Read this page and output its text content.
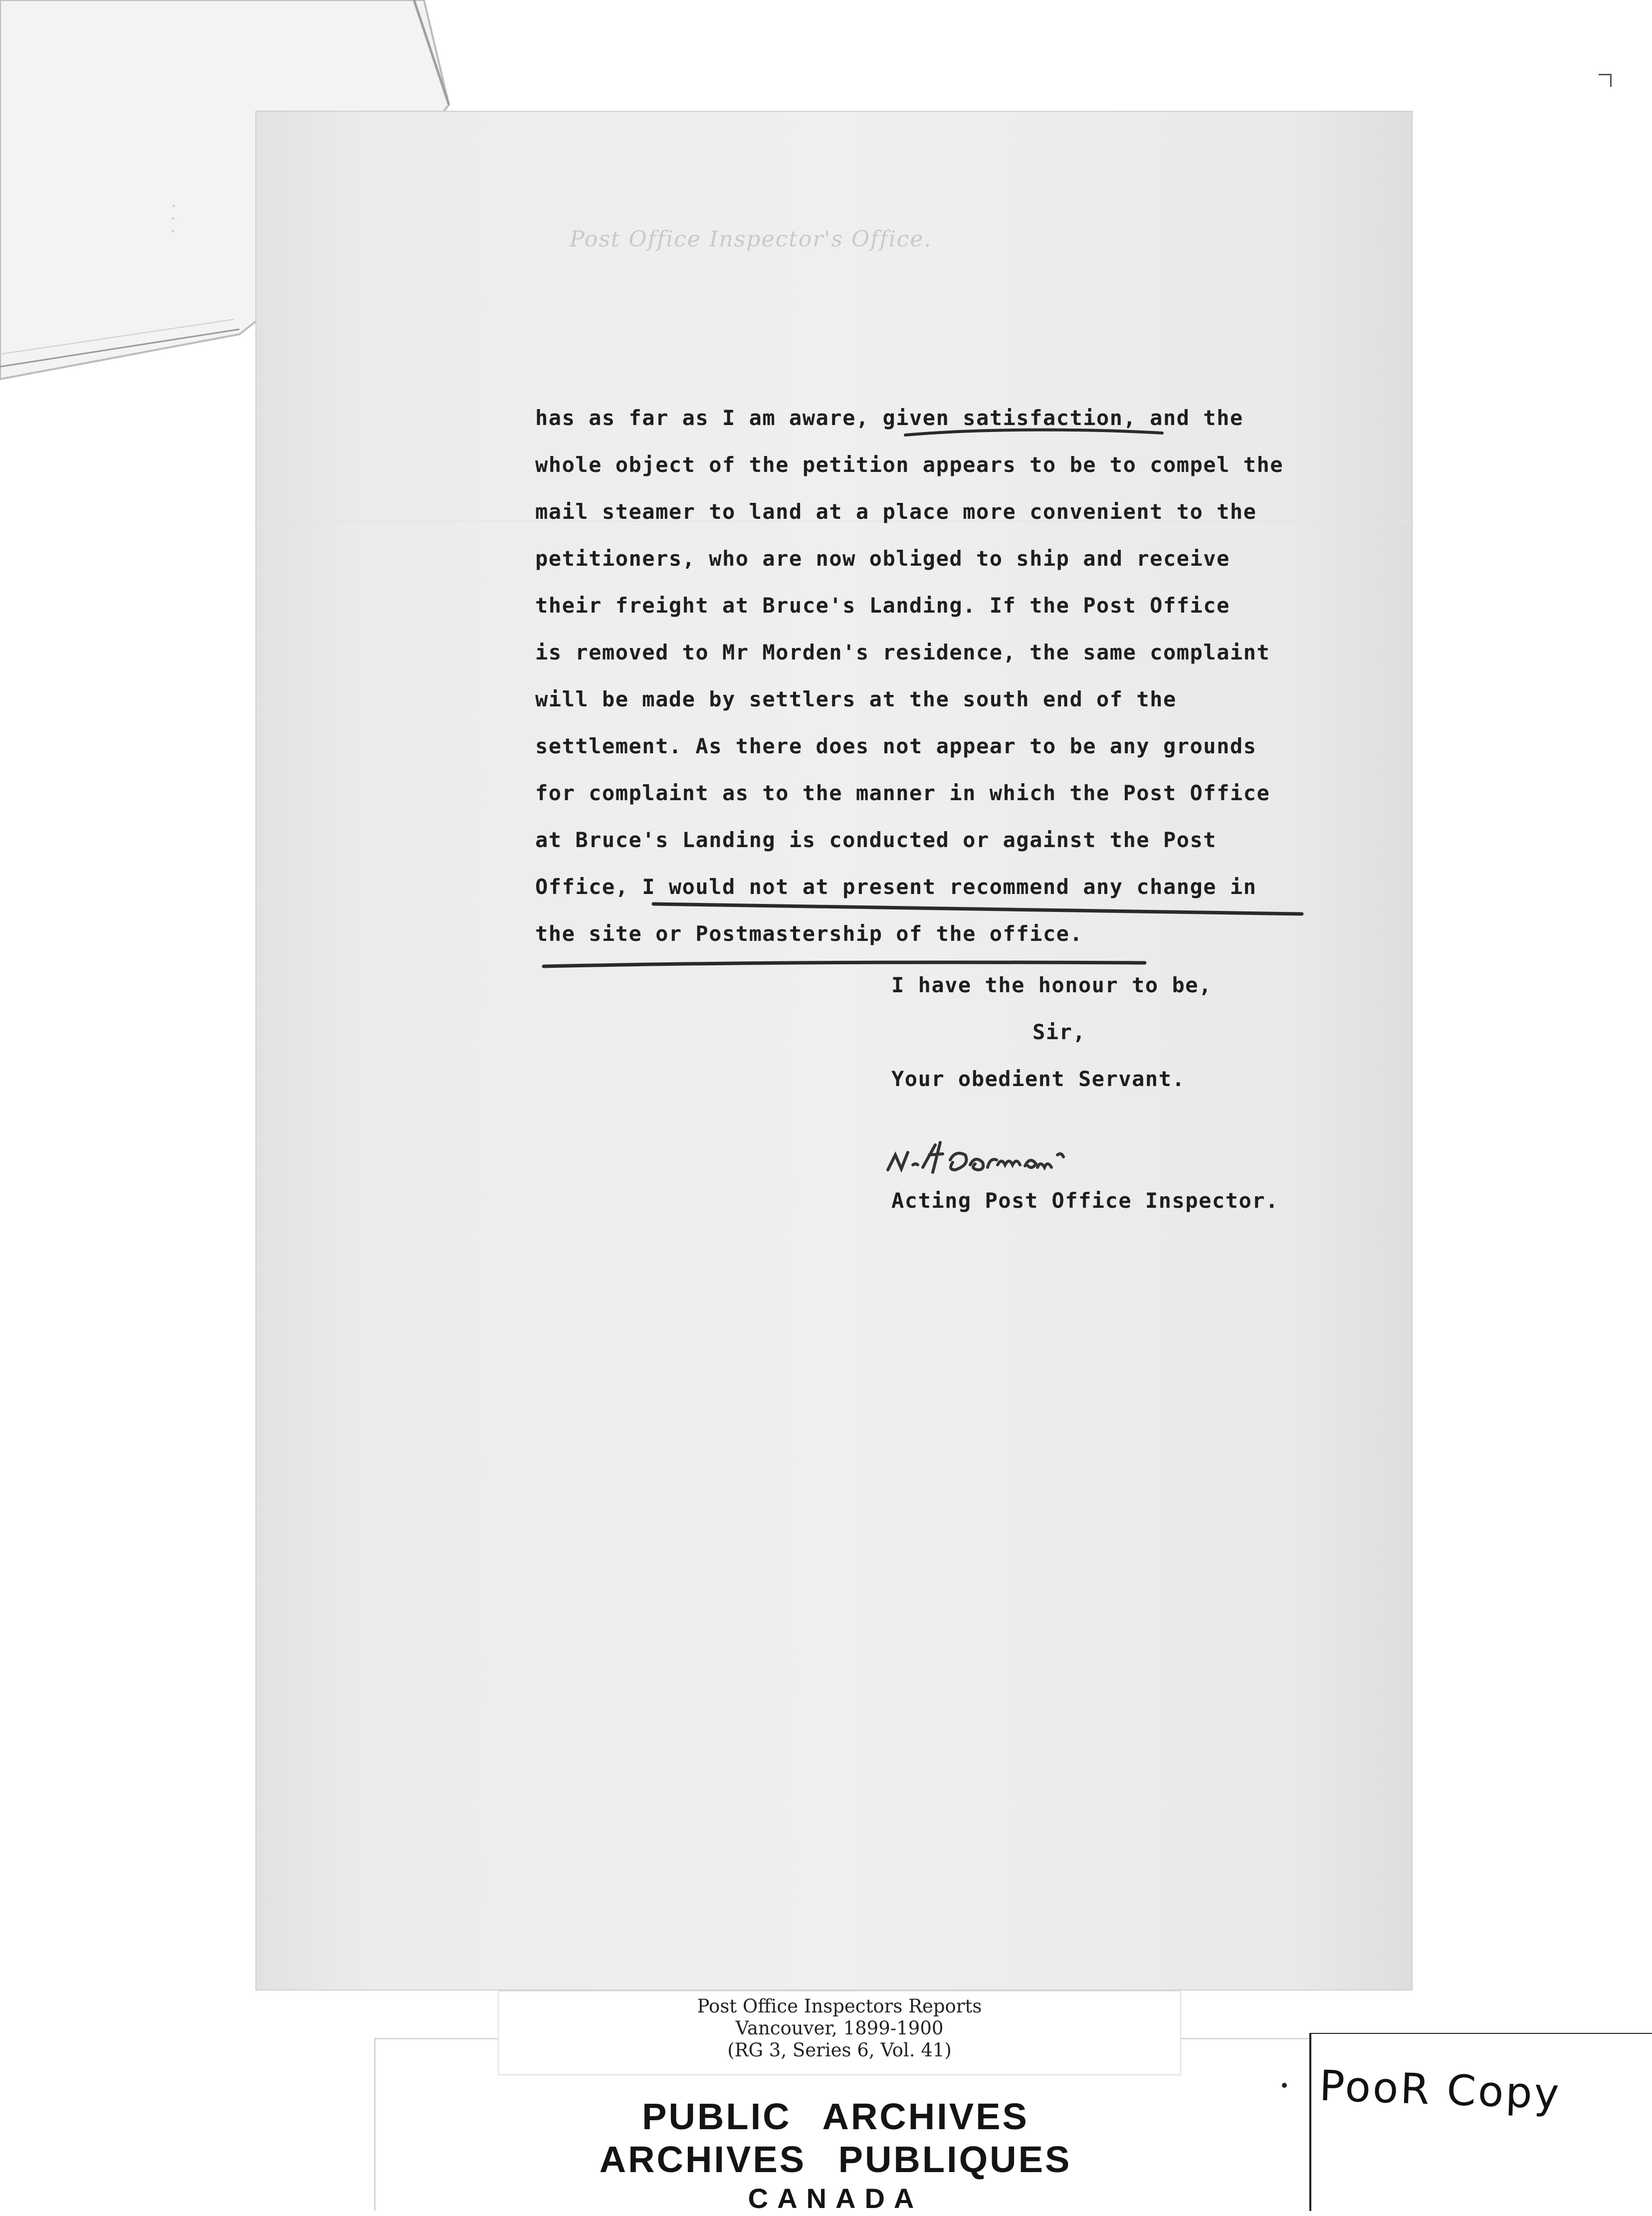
· · ·
Post Office Inspector's Office.
has as far as I am aware, given satisfaction, and the
whole object of the petition appears to be to compel the
mail steamer to land at a place more convenient to the
petitioners, who are now obliged to ship and receive
their freight at Bruce's Landing. If the Post Office
is removed to Mr Morden's residence, the same complaint
will be made by settlers at the south end of the
settlement. As there does not appear to be any grounds
for complaint as to the manner in which the Post Office
at Bruce's Landing is conducted or against the Post
Office, I would not at present recommend any change in
the site or Postmastership of the office.
I have the honour to be,
Sir,
Your obedient Servant.
Acting Post Office Inspector.
Post Office Inspectors Reports
Vancouver, 1899-1900
(RG 3, Series 6, Vol. 41)
PUBLIC ARCHIVES
ARCHIVES PUBLIQUES
CANADA
PooR Copy
